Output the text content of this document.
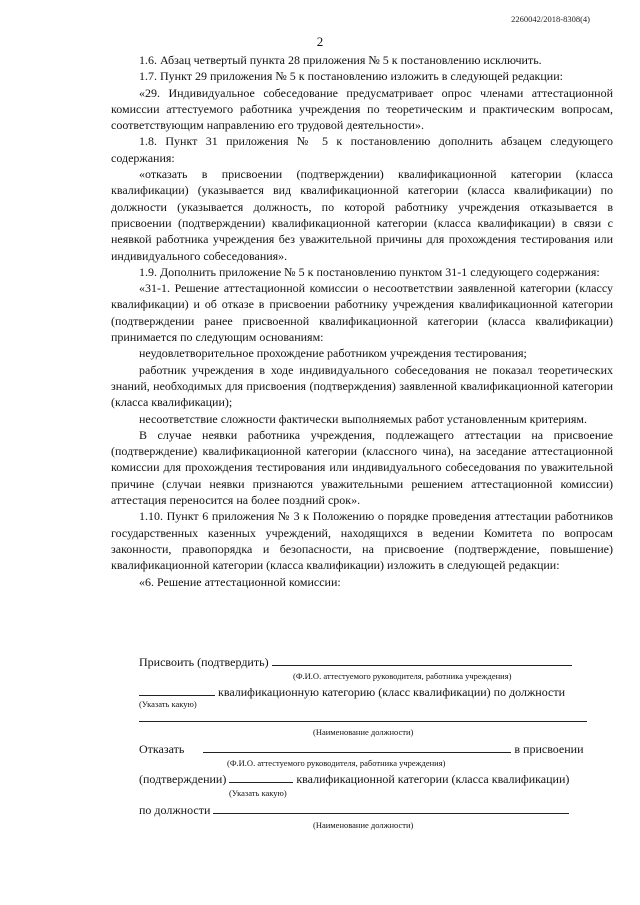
2260042/2018-8308(4)
2

1.6. Абзац четвертый пункта 28 приложения № 5 к постановлению исключить.

1.7. Пункт 29 приложения № 5 к постановлению изложить в следующей редакции:

«29. Индивидуальное собеседование предусматривает опрос членами аттестационной комиссии аттестуемого работника учреждения по теоретическим и практическим вопросам, соответствующим направлению его трудовой деятельности».

1.8. Пункт 31 приложения № 5 к постановлению дополнить абзацем следующего содержания:

«отказать в присвоении (подтверждении) квалификационной категории (класса квалификации) (указывается вид квалификационной категории (класса квалификации) по должности (указывается должность, по которой работнику учреждения отказывается в присвоении (подтверждении) квалификационной категории (класса квалификации) в связи с неявкой работника учреждения без уважительной причины для прохождения тестирования или индивидуального собеседования».

1.9. Дополнить приложение № 5 к постановлению пунктом 31-1 следующего содержания:

«31-1. Решение аттестационной комиссии о несоответствии заявленной категории (классу квалификации) и об отказе в присвоении работнику учреждения квалификационной категории (подтверждении ранее присвоенной квалификационной категории (класса квалификации) принимается по следующим основаниям:

неудовлетворительное прохождение работником учреждения тестирования;

работник учреждения в ходе индивидуального собеседования не показал теоретических знаний, необходимых для присвоения (подтверждения) заявленной квалификационной категории (класса квалификации);

несоответствие сложности фактически выполняемых работ установленным критериям.

В случае неявки работника учреждения, подлежащего аттестации на присвоение (подтверждение) квалификационной категории (классного чина), на заседание аттестационной комиссии для прохождения тестирования или индивидуального собеседования по уважительной причине (случаи неявки признаются уважительными решением аттестационной комиссии) аттестация переносится на более поздний срок».

1.10. Пункт 6 приложения № 3 к Положению о порядке проведения аттестации работников государственных казенных учреждений, находящихся в ведении Комитета по вопросам законности, правопорядка и безопасности, на присвоение (подтверждение, повышение) квалификационной категории (класса квалификации) изложить в следующей редакции:

«6. Решение аттестационной комиссии:

Присвоить (подтвердить)
(Ф.И.О. аттестуемого руководителя, работника учреждения)
квалификационную категорию (класс квалификации) по должности
(Указать какую)
(Наименование должности)
Отказать	в присвоении
(Ф.И.О. аттестуемого руководителя, работника учреждения)
(подтверждении)	квалификационной категории (класса квалификации)
(Указать какую)
по должности
(Наименование должности)
